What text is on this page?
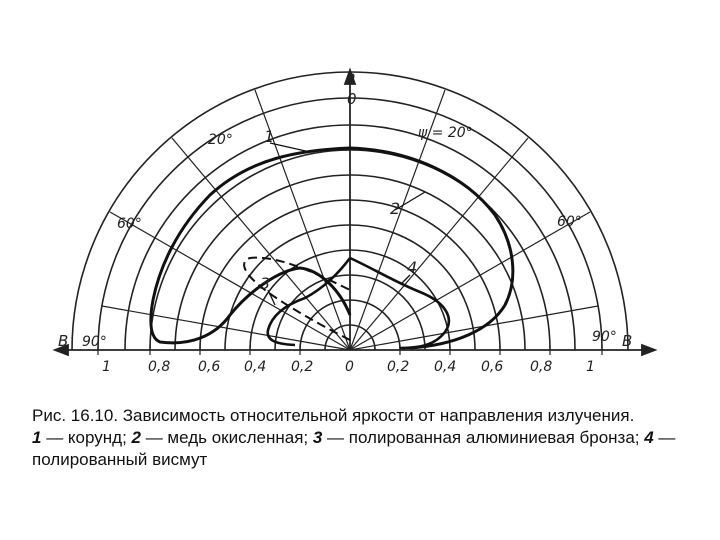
n
0
B	B
90°	90°
60°	60°
20°	ψ = 20°
1	0,8 0,6 0,4 0,2 0 0,2 0,4 0,6 0,8 1
1
2
3
4
Рис. 16.10. Зависимость относительной яркости от направления излучения.
1 — корунд; 2 — медь окисленная; 3 — полированная алюминиевая бронза; 4 — полированный висмут
